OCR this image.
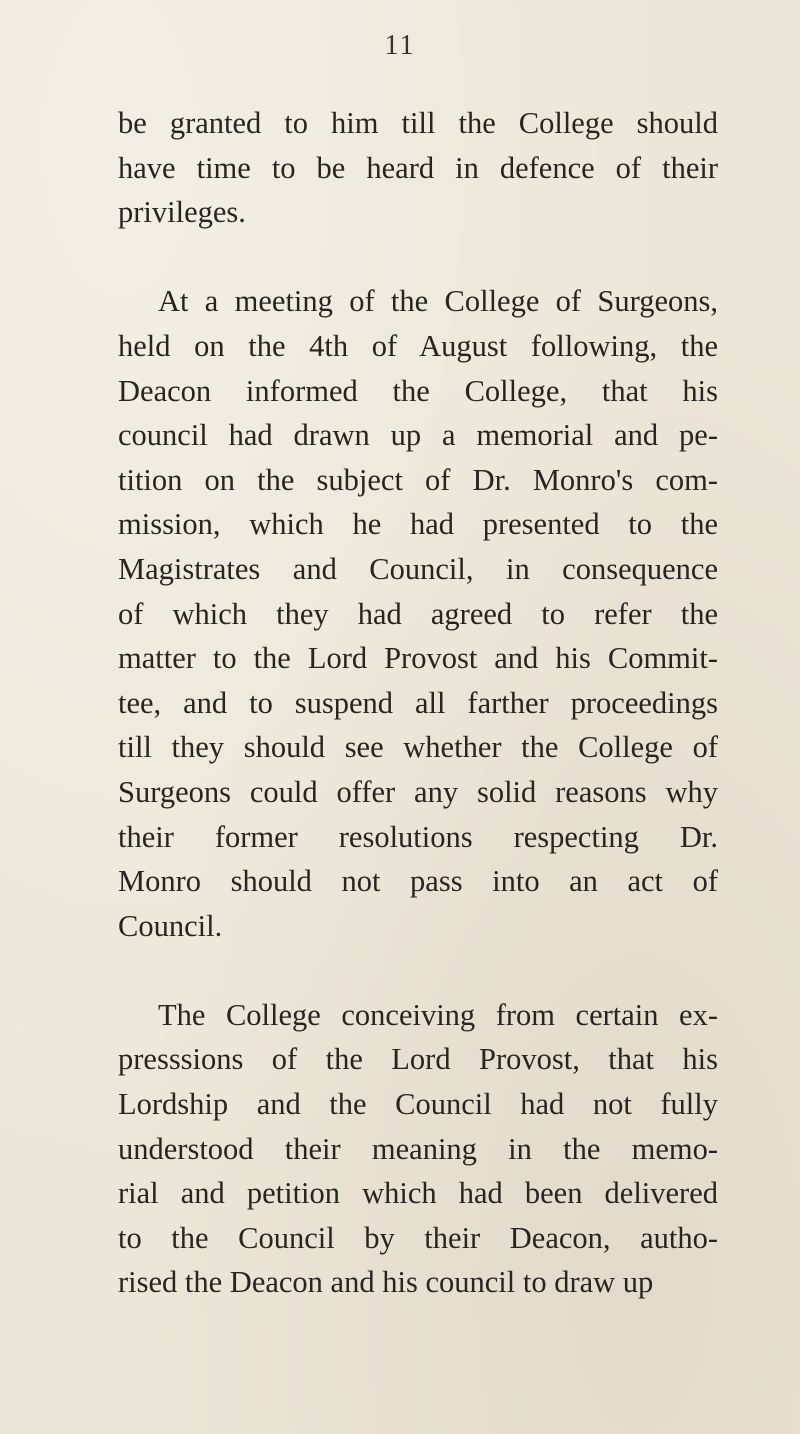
11
be granted to him till the College should
have time to be heard in defence of their
privileges.
At a meeting of the College of Surgeons,
held on the 4th of August following, the
Deacon informed the College, that his
council had drawn up a memorial and pe-
tition on the subject of Dr. Monro's com-
mission, which he had presented to the
Magistrates and Council, in consequence
of which they had agreed to refer the
matter to the Lord Provost and his Commit-
tee, and to suspend all farther proceedings
till they should see whether the College of
Surgeons could offer any solid reasons why
their former resolutions respecting Dr.
Monro should not pass into an act of
Council.
The College conceiving from certain ex-
presssions of the Lord Provost, that his
Lordship and the Council had not fully
understood their meaning in the memo-
rial and petition which had been delivered
to the Council by their Deacon, autho-
rised the Deacon and his council to draw up
